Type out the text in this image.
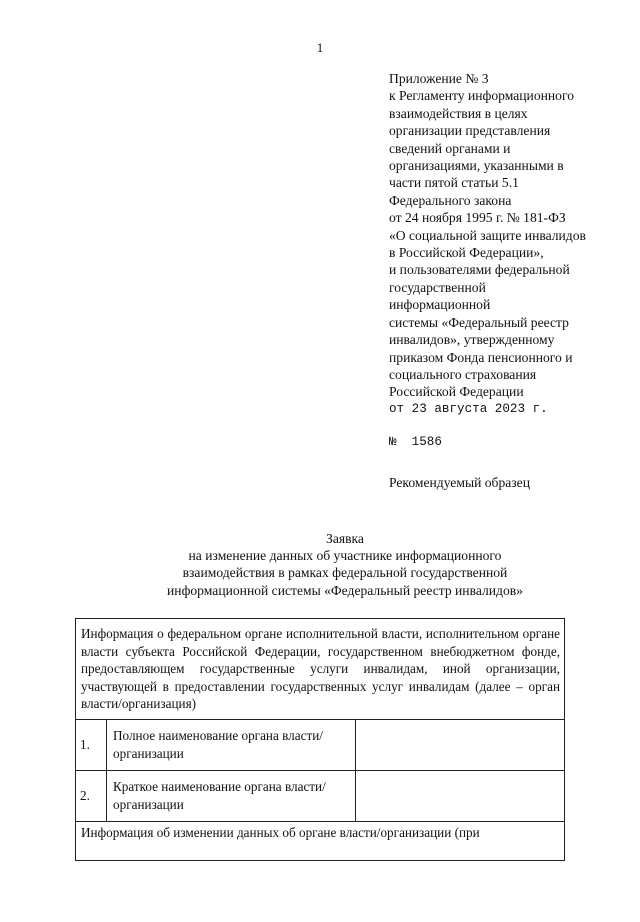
1
Приложение № 3
к Регламенту информационного
взаимодействия в целях
организации представления
сведений органами и
организациями, указанными в
части пятой статьи 5.1
Федерального закона
от 24 ноября 1995 г. № 181-ФЗ
«О социальной защите инвалидов
в Российской Федерации»,
и пользователями федеральной
государственной
информационной
системы «Федеральный реестр
инвалидов», утвержденному
приказом Фонда пенсионного и
социального страхования
Российской Федерации
от 23 августа 2023 г.
№  1586
Рекомендуемый образец
Заявка
на изменение данных об участнике информационного
взаимодействия в рамках федеральной государственной
информационной системы «Федеральный реестр инвалидов»
Информация о федеральном органе исполнительной власти, исполнительном органе власти субъекта Российской Федерации, государственном внебюджетном фонде, предоставляющем государственные услуги инвалидам, иной организации, участвующей в предоставлении государственных услуг инвалидам (далее – орган власти/организация)		
1.	Полное наименование органа власти/организации	
2.	Краткое наименование органа власти/организации	
Информация об изменении данных об органе власти/организации (при		
